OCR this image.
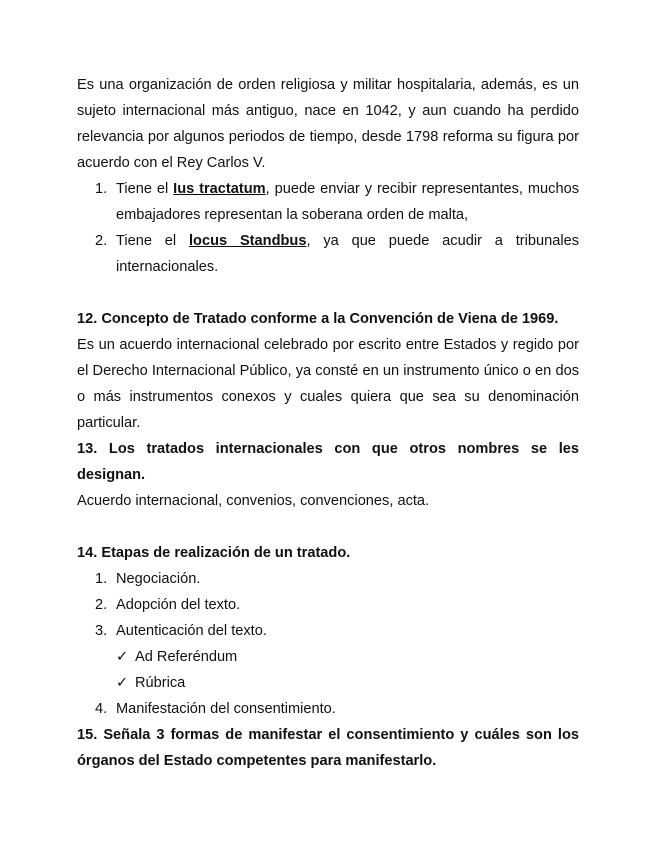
Es una organización de orden religiosa y militar hospitalaria, además, es un sujeto internacional más antiguo, nace en 1042, y aun cuando ha perdido relevancia por algunos periodos de tiempo, desde 1798 reforma su figura por acuerdo con el Rey Carlos V.

1. Tiene el Ius tractatum, puede enviar y recibir representantes, muchos embajadores representan la soberana orden de malta,
2. Tiene el locus Standbus, ya que puede acudir a tribunales internacionales.

12. Concepto de Tratado conforme a la Convención de Viena de 1969.

Es un acuerdo internacional celebrado por escrito entre Estados y regido por el Derecho Internacional Público, ya consté en un instrumento único o en dos o más instrumentos conexos y cuales quiera que sea su denominación particular.

13. Los tratados internacionales con que otros nombres se les designan.

Acuerdo internacional, convenios, convenciones, acta.

14. Etapas de realización de un tratado.

1. Negociación.
2. Adopción del texto.
3. Autenticación del texto.
✓ Ad Referéndum
✓ Rúbrica
4. Manifestación del consentimiento.

15. Señala 3 formas de manifestar el consentimiento y cuáles son los órganos del Estado competentes para manifestarlo.
